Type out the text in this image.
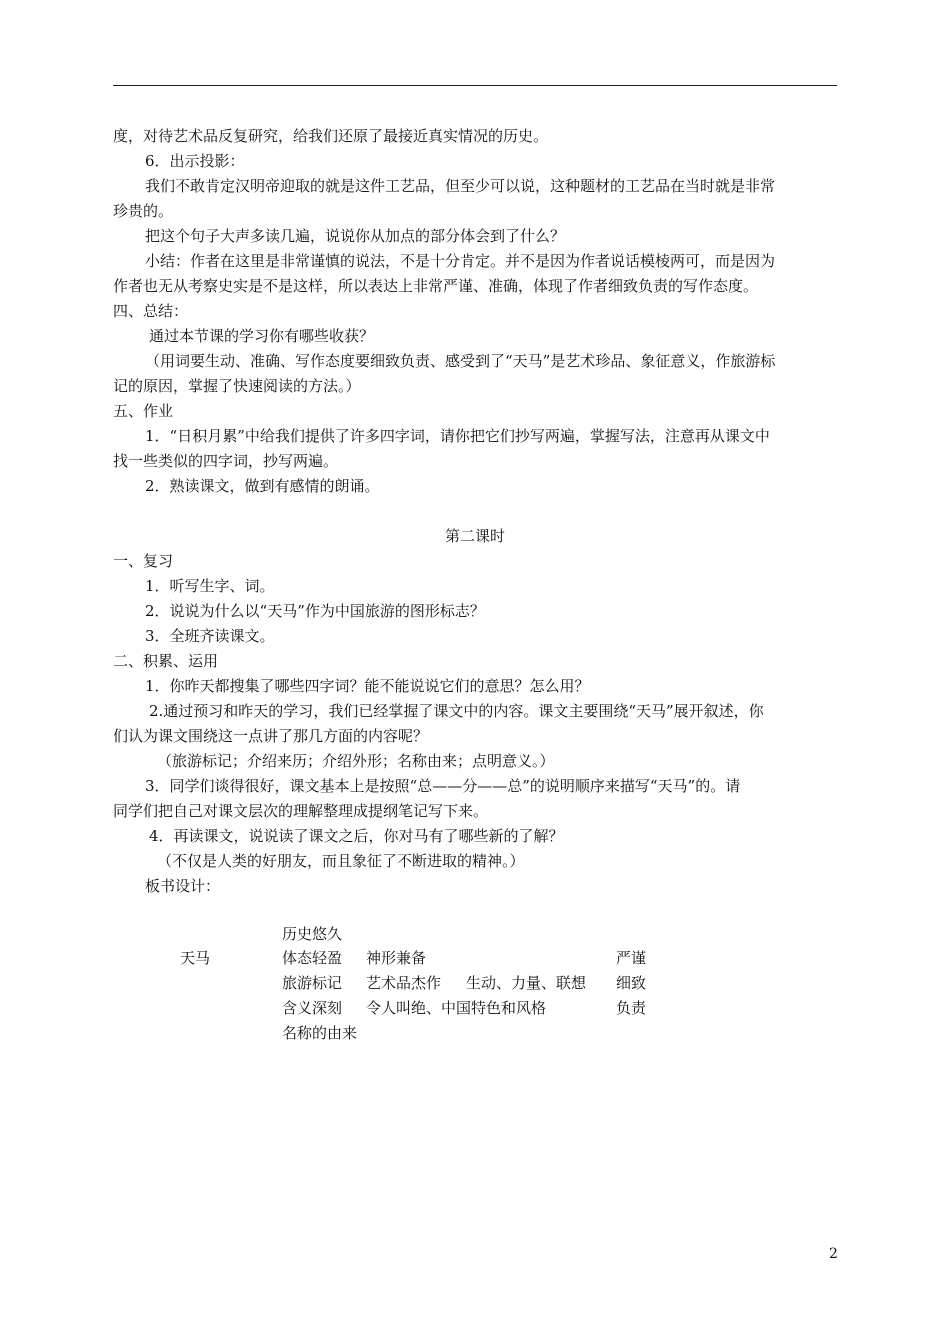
度，对待艺术品反复研究，给我们还原了最接近真实情况的历史。

6．出示投影：

我们不敢肯定汉明帝迎取的就是这件工艺品，但至少可以说，这种题材的工艺品在当时就是非常

珍贵的。

把这个句子大声多读几遍，说说你从加点的部分体会到了什么？

小结：作者在这里是非常谨慎的说法，不是十分肯定。并不是因为作者说话模棱两可，而是因为

作者也无从考察史实是不是这样，所以表达上非常严谨、准确，体现了作者细致负责的写作态度。

四、总结：

通过本节课的学习你有哪些收获？

（用词要生动、准确、写作态度要细致负责、感受到了“天马”是艺术珍品、象征意义，作旅游标

记的原因，掌握了快速阅读的方法。）

五、作业

1．“日积月累”中给我们提供了许多四字词，请你把它们抄写两遍，掌握写法，注意再从课文中

找一些类似的四字词，抄写两遍。

2．熟读课文，做到有感情的朗诵。

第二课时

一、复习

1．听写生字、词。

2．说说为什么以“天马”作为中国旅游的图形标志？

3．全班齐读课文。

二、积累、运用

1．你昨天都搜集了哪些四字词？能不能说说它们的意思？怎么用？

2.通过预习和昨天的学习，我们已经掌握了课文中的内容。课文主要围绕“天马”展开叙述，你

们认为课文围绕这一点讲了那几方面的内容呢？

（旅游标记；介绍来历；介绍外形；名称由来；点明意义。）

3．同学们谈得很好，课文基本上是按照“总——分——总”的说明顺序来描写“天马”的。请

同学们把自己对课文层次的理解整理成提纲笔记写下来。

4．再读课文，说说读了课文之后，你对马有了哪些新的了解？

（不仅是人类的好朋友，而且象征了不断进取的精神。）

板书设计：

天马
历史悠久
体态轻盈
旅游标记
含义深刻
名称的由来
神形兼备
艺术品杰作
令人叫绝、中国特色和风格
生动、力量、联想
严谨
细致
负责
2
